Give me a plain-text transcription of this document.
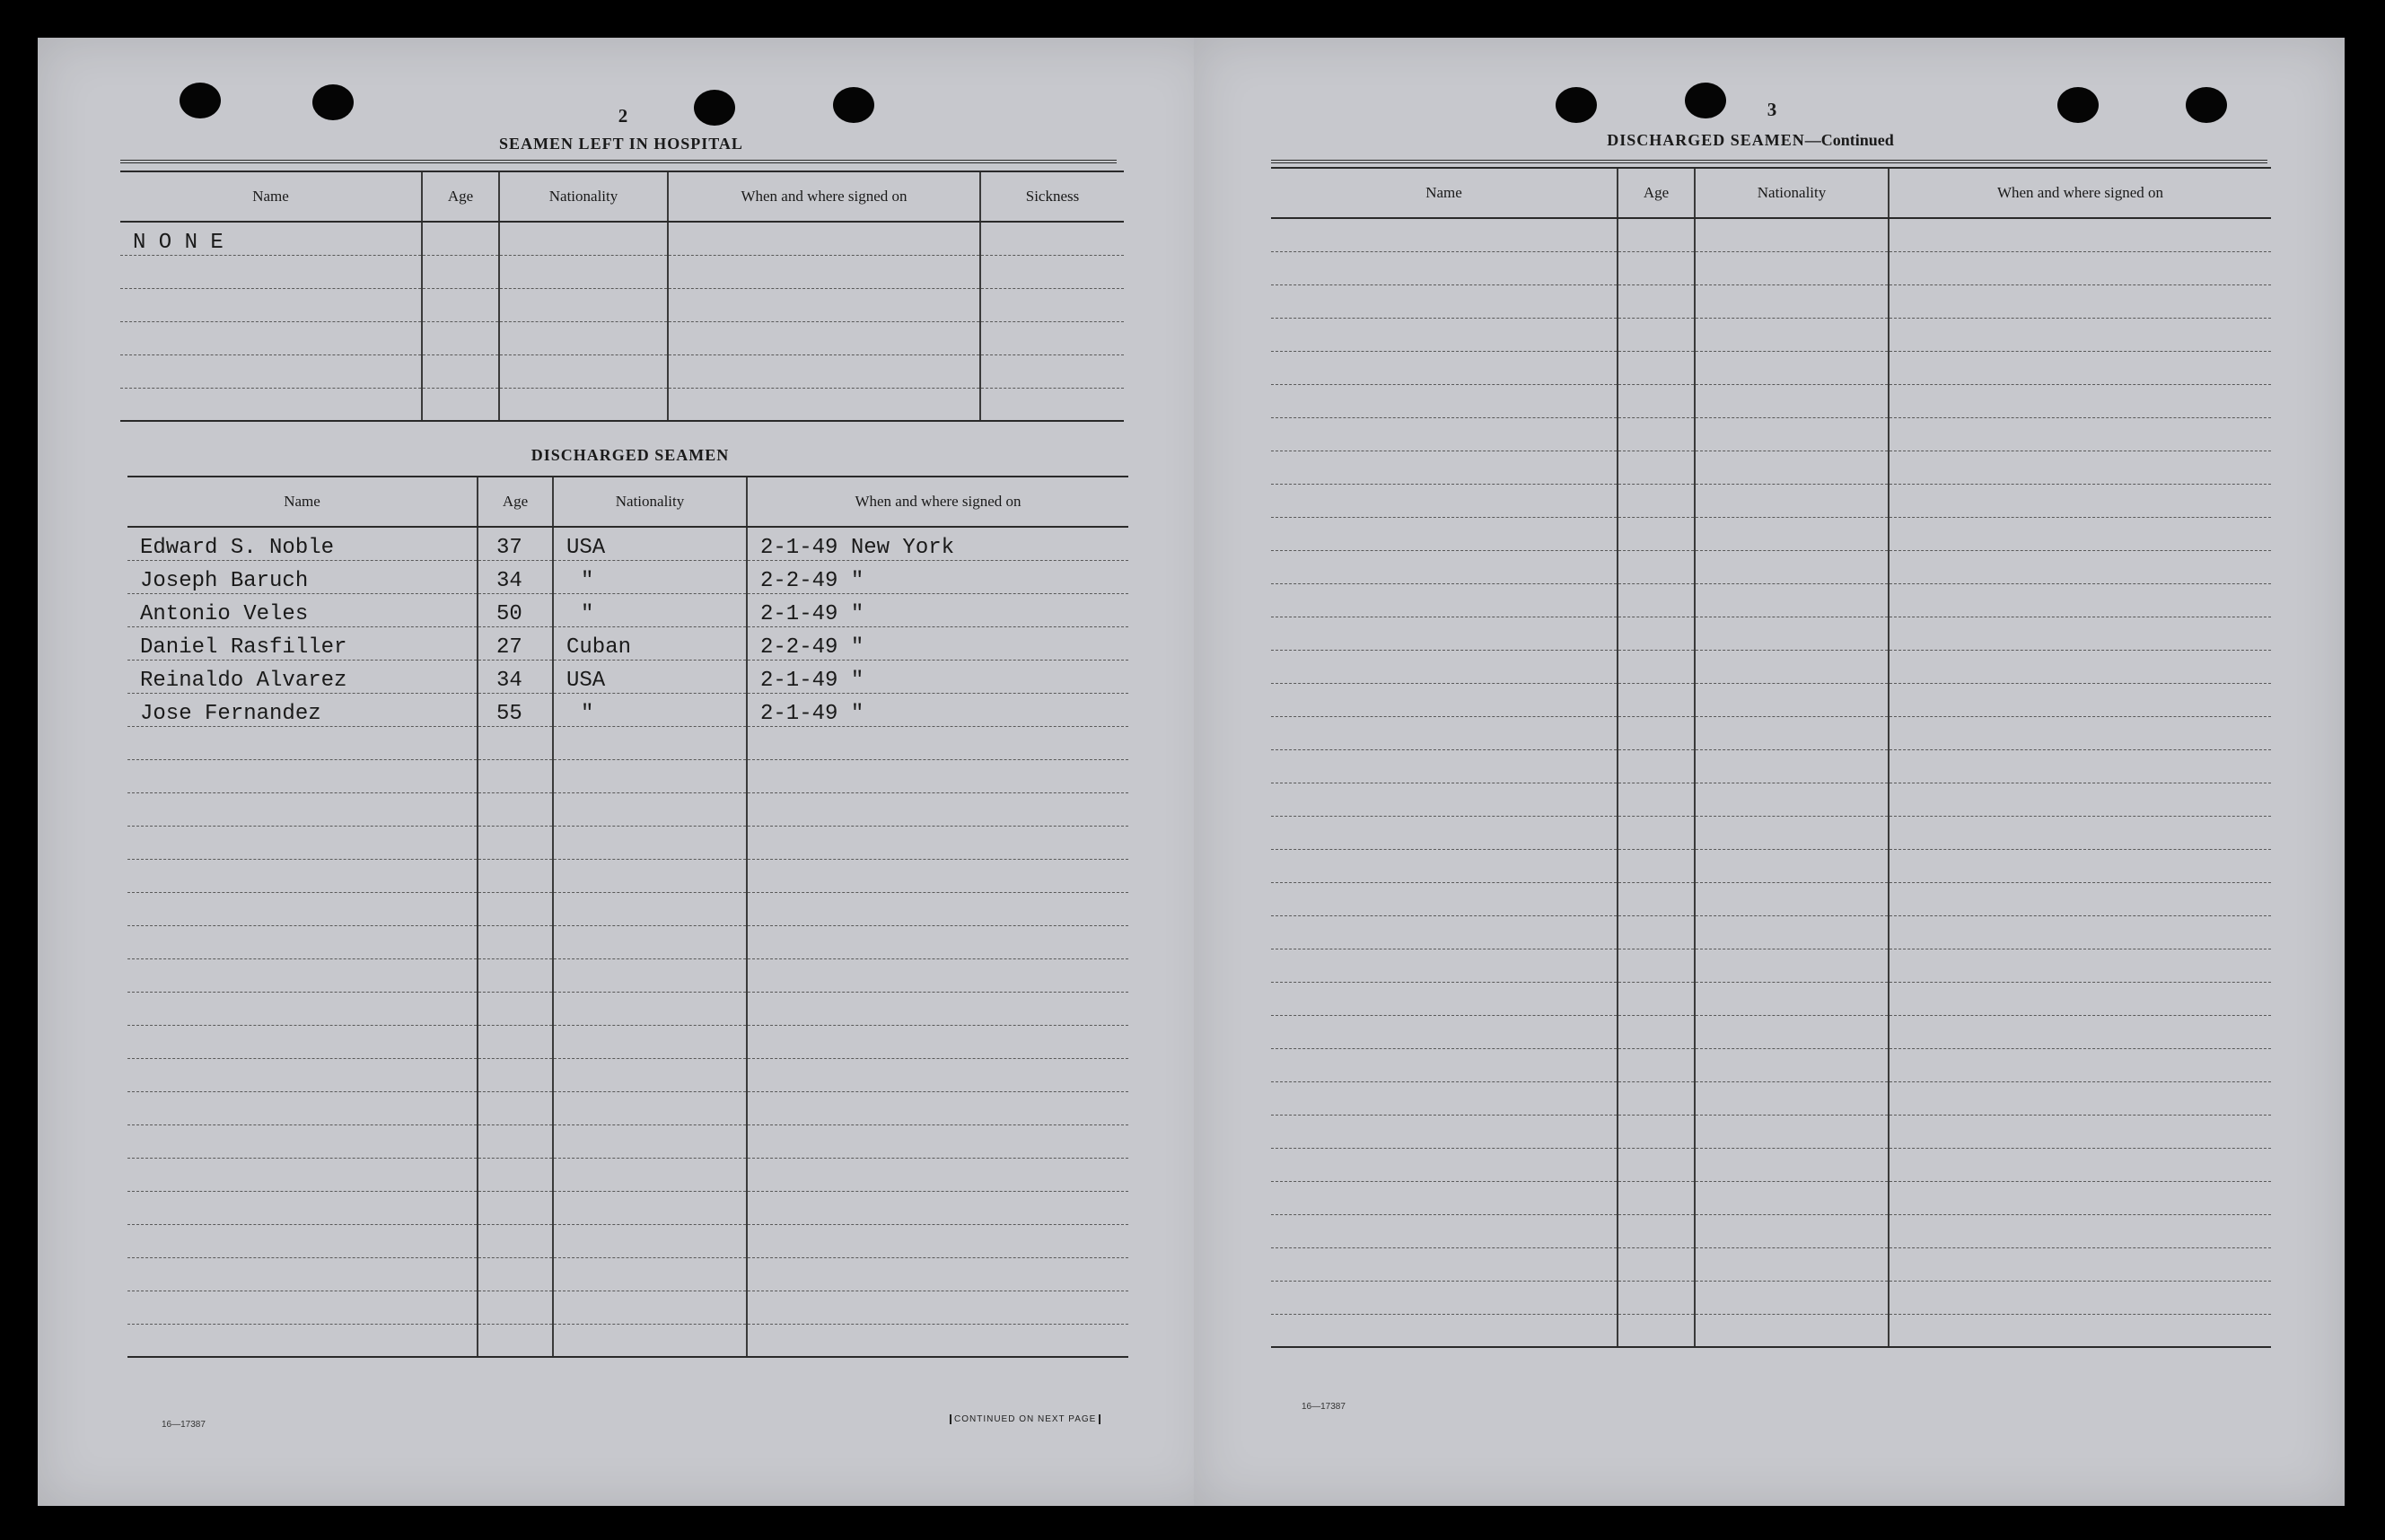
2
SEAMEN LEFT IN HOSPITAL
Name	Age	Nationality	When and where signed on	Sickness
N O N E				

DISCHARGED SEAMEN
Name	Age	Nationality	When and where signed on
Edward S. Noble	37	USA	2-1-49 New York
Joseph Baruch	34	"	2-2-49 "
Antonio Veles	50	"	2-1-49 "
Daniel Rasfiller	27	Cuban	2-2-49 "
Reinaldo Alvarez	34	USA	2-1-49 "
Jose Fernandez	55	"	2-1-49 "

16—17387
CONTINUED ON NEXT PAGE
3
DISCHARGED SEAMEN—Continued
Name	Age	Nationality	When and where signed on

16—17387
